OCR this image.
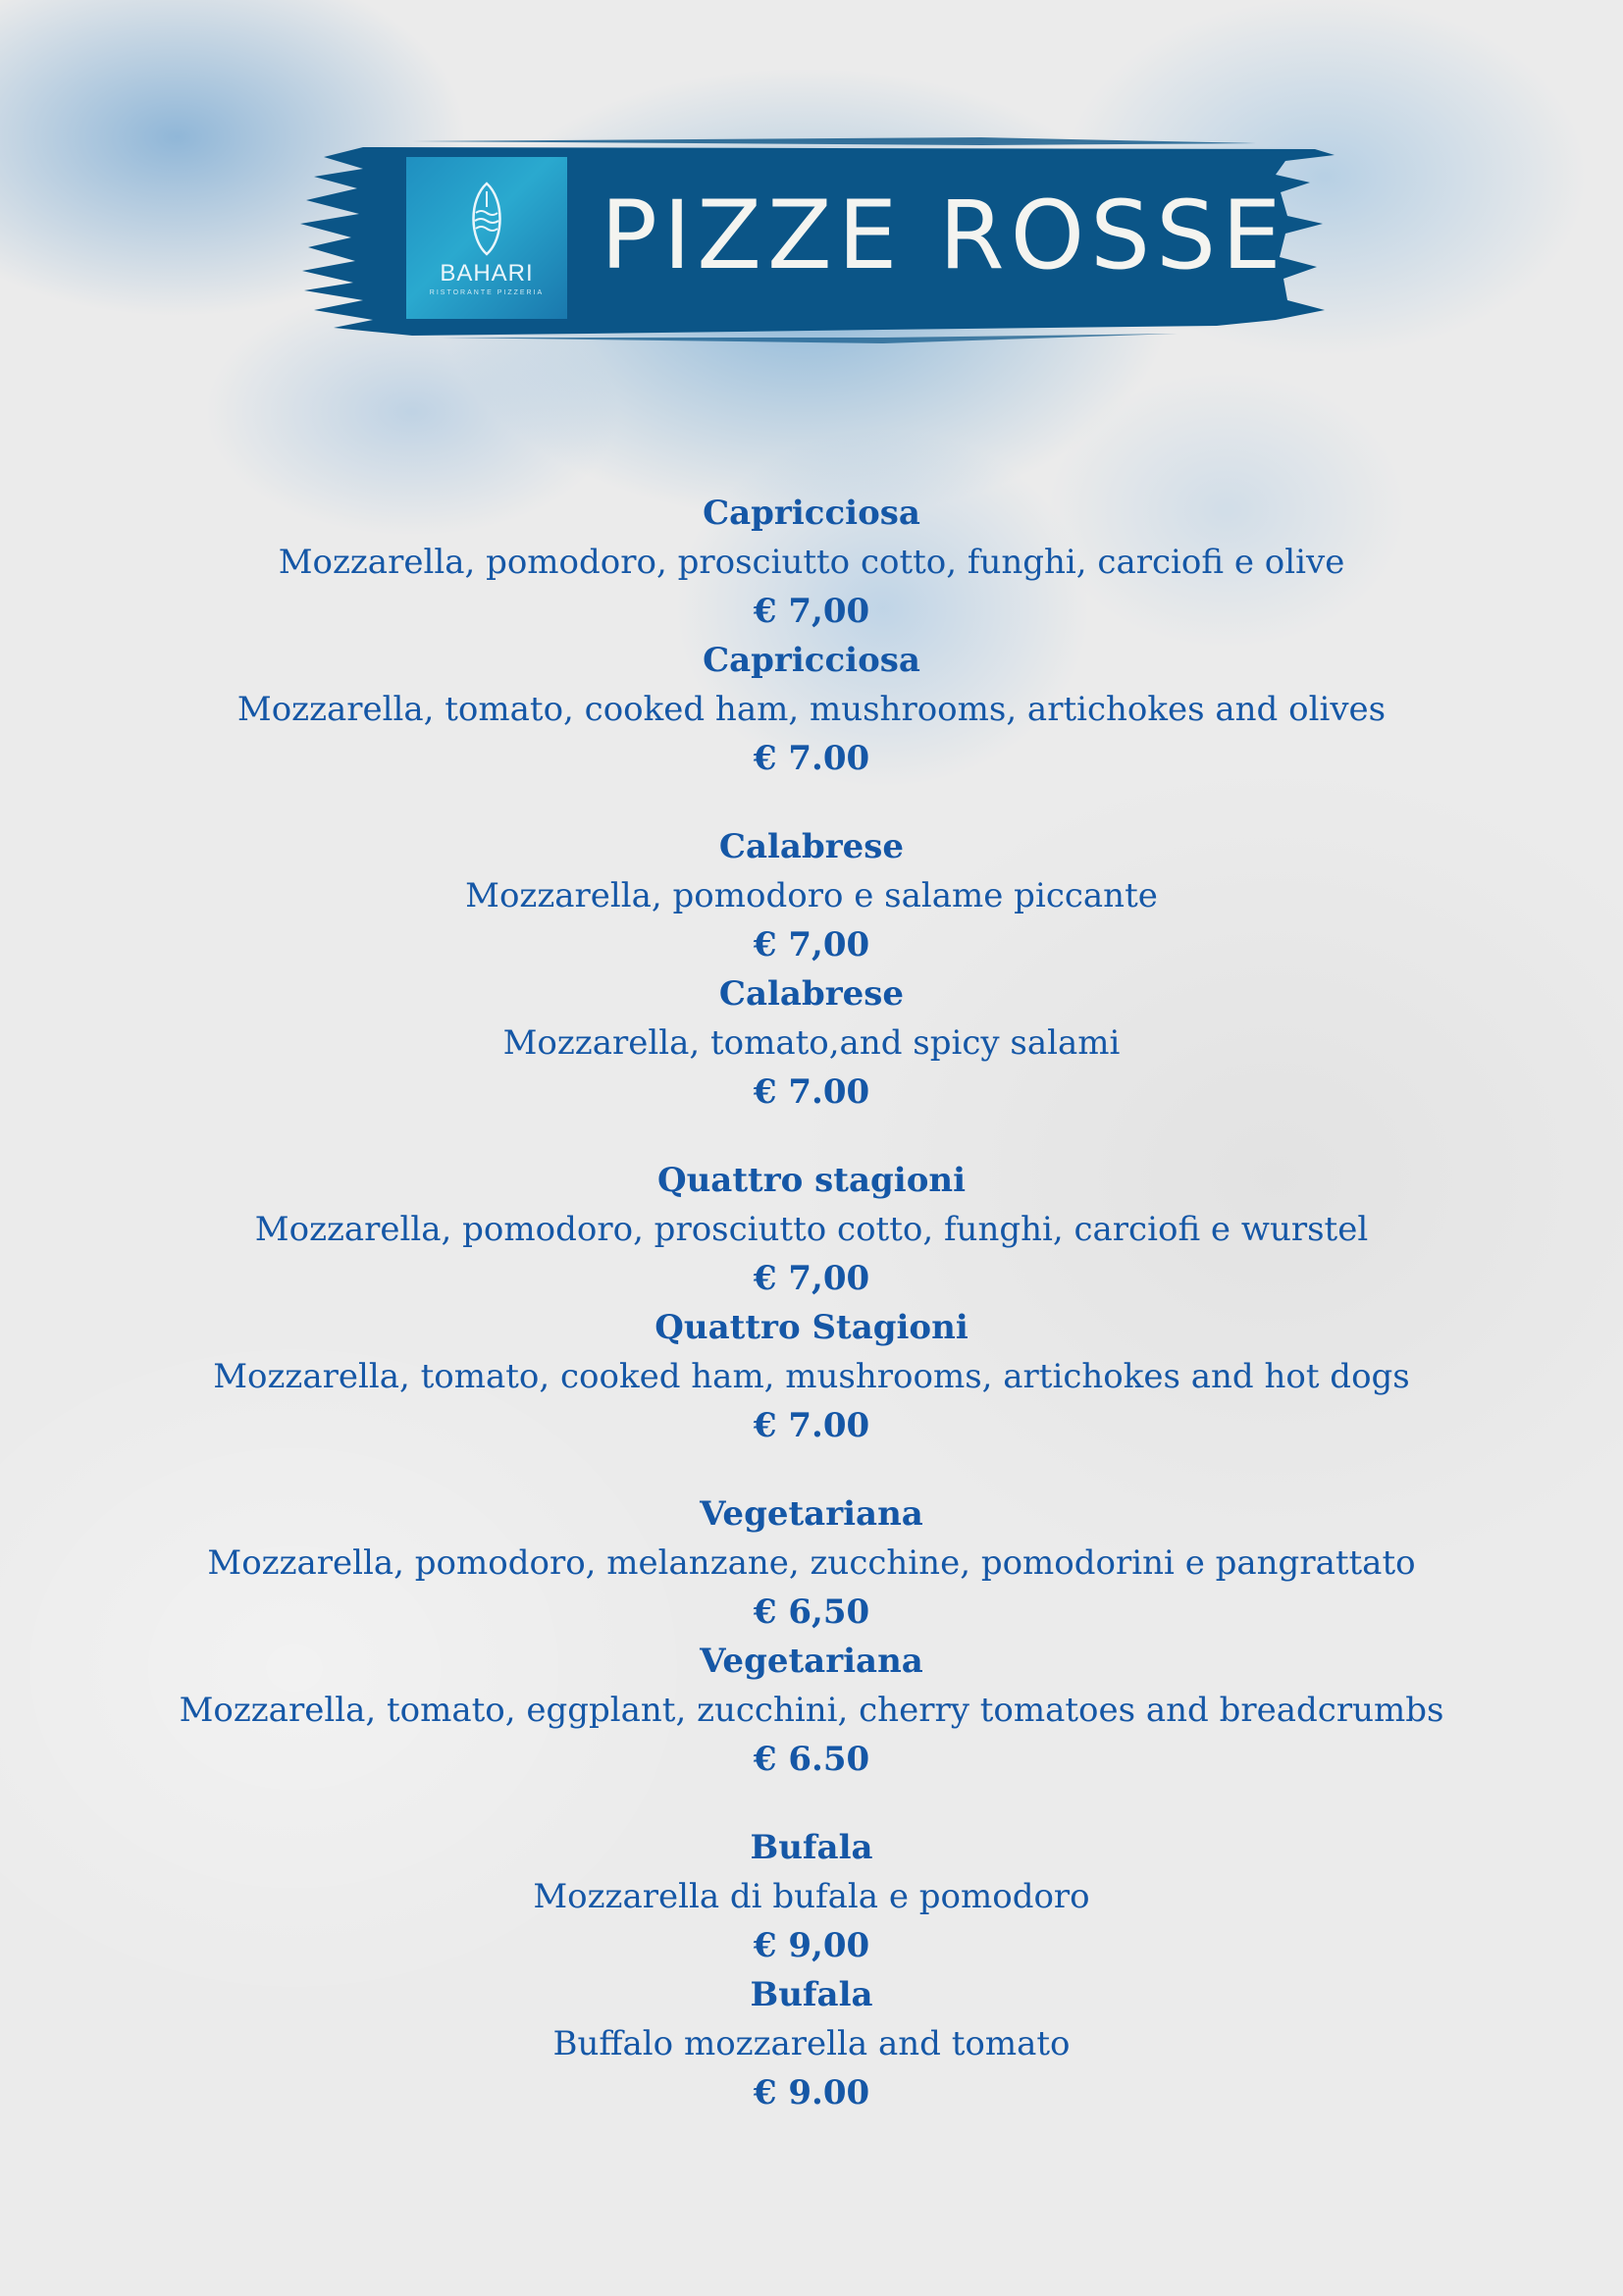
BAHARI
RISTORANTE PIZZERIA
PIZZE ROSSE
Capricciosa
Mozzarella, pomodoro, prosciutto cotto, funghi, carciofi e olive
€ 7,00
Capricciosa
Mozzarella, tomato, cooked ham, mushrooms, artichokes and olives
€ 7.00
Calabrese
Mozzarella, pomodoro e salame piccante
€ 7,00
Calabrese
Mozzarella, tomato,and spicy salami
€ 7.00
Quattro stagioni
Mozzarella, pomodoro, prosciutto cotto, funghi, carciofi e wurstel
€ 7,00
Quattro Stagioni
Mozzarella, tomato, cooked ham, mushrooms, artichokes and hot dogs
€ 7.00
Vegetariana
Mozzarella, pomodoro, melanzane, zucchine, pomodorini e pangrattato
€ 6,50
Vegetariana
Mozzarella, tomato, eggplant, zucchini, cherry tomatoes and breadcrumbs
€ 6.50
Bufala
Mozzarella di bufala e pomodoro
€ 9,00
Bufala
Buffalo mozzarella and tomato
€ 9.00
